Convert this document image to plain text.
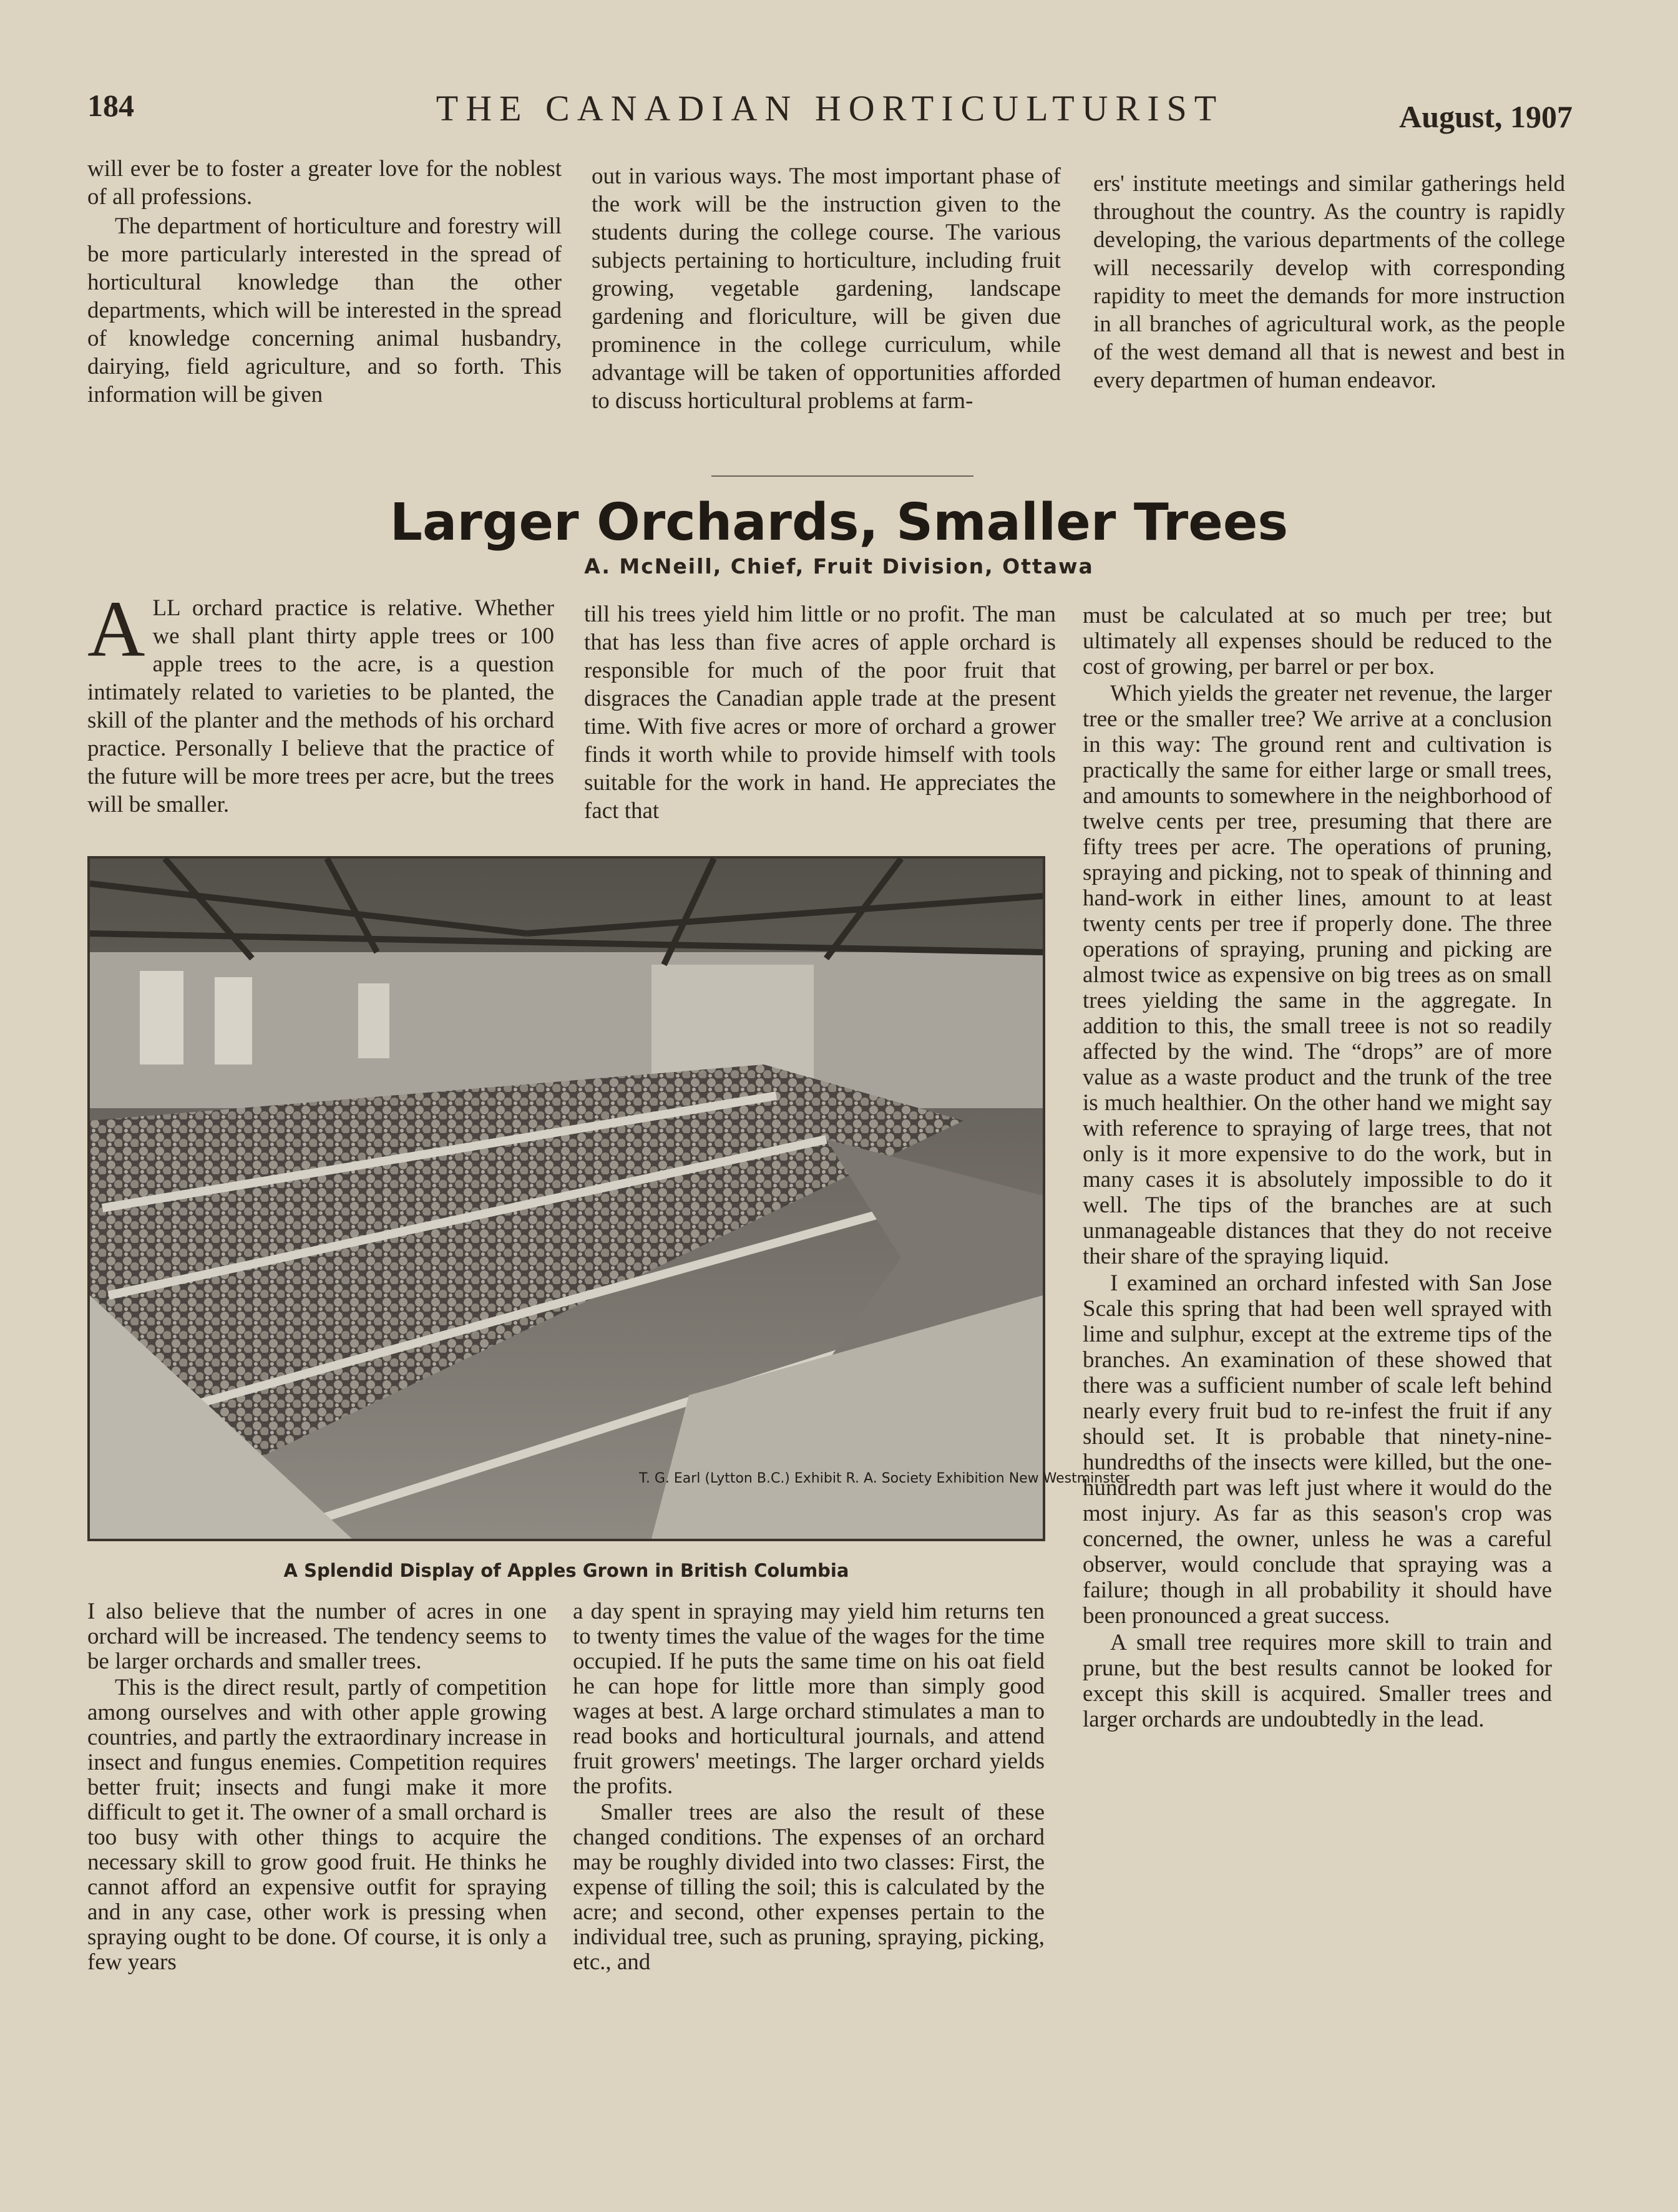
184	THE CANADIAN HORTICULTURIST	August, 1907

will ever be to foster a greater love for the noblest of all professions.

The department of horticulture and forestry will be more particularly interested in the spread of horticultural knowledge than the other departments, which will be interested in the spread of knowledge concerning animal husbandry, dairying, field agriculture, and so forth. This information will be given

out in various ways. The most important phase of the work will be the instruction given to the students during the college course. The various subjects pertaining to horticulture, including fruit growing, vegetable gardening, landscape gardening and floriculture, will be given due prominence in the college curriculum, while advantage will be taken of opportunities afforded to discuss horticultural problems at farm-

ers' institute meetings and similar gatherings held throughout the country. As the country is rapidly developing, the various departments of the college will necessarily develop with corresponding rapidity to meet the demands for more instruction in all branches of agricultural work, as the people of the west demand all that is newest and best in every departmen of human endeavor.

Larger Orchards, Smaller Trees
A. McNeill, Chief, Fruit Division, Ottawa

ALL orchard practice is relative. Whether we shall plant thirty apple trees or 100 apple trees to the acre, is a question intimately related to varieties to be planted, the skill of the planter and the methods of his orchard practice. Personally I believe that the practice of the future will be more trees per acre, but the trees will be smaller.

till his trees yield him little or no profit. The man that has less than five acres of apple orchard is responsible for much of the poor fruit that disgraces the Canadian apple trade at the present time. With five acres or more of orchard a grower finds it worth while to provide himself with tools suitable for the work in hand. He appreciates the fact that

must be calculated at so much per tree; but ultimately all expenses should be reduced to the cost of growing, per barrel or per box.

Which yields the greater net revenue, the larger tree or the smaller tree? We arrive at a conclusion in this way: The ground rent and cultivation is practically the same for either large or small trees, and amounts to somewhere in the neighborhood of twelve cents per tree, presuming that there are fifty trees per acre. The operations of pruning, spraying and picking, not to speak of thinning and hand-work in either lines, amount to at least twenty cents per tree if properly done. The three operations of spraying, pruning and picking are almost twice as expensive on big trees as on small trees yielding the same in the aggregate. In addition to this, the small treee is not so readily affected by the wind. The “drops” are of more value as a waste product and the trunk of the tree is much healthier. On the other hand we might say with reference to spraying of large trees, that not only is it more expensive to do the work, but in many cases it is absolutely impossible to do it well. The tips of the branches are at such unmanageable distances that they do not receive their share of the spraying liquid.

I examined an orchard infested with San Jose Scale this spring that had been well sprayed with lime and sulphur, except at the extreme tips of the branches. An examination of these showed that there was a sufficient number of scale left behind nearly every fruit bud to re-infest the fruit if any should set. It is probable that ninety-nine-hundredths of the insects were killed, but the one-hundredth part was left just where it would do the most injury. As far as this season's crop was concerned, the owner, unless he was a careful observer, would conclude that spraying was a failure; though in all probability it should have been pronounced a great success.

A small tree requires more skill to train and prune, but the best results cannot be looked for except this skill is acquired. Smaller trees and larger orchards are undoubtedly in the lead.

T. G. Earl (Lytton B.C.) Exhibit R. A. Society Exhibition New Westminster
A Splendid Display of Apples Grown in British Columbia

I also believe that the number of acres in one orchard will be increased. The tendency seems to be larger orchards and smaller trees.

This is the direct result, partly of competition among ourselves and with other apple growing countries, and partly the extraordinary increase in insect and fungus enemies. Competition requires better fruit; insects and fungi make it more difficult to get it. The owner of a small orchard is too busy with other things to acquire the necessary skill to grow good fruit. He thinks he cannot afford an expensive outfit for spraying and in any case, other work is pressing when spraying ought to be done. Of course, it is only a few years

a day spent in spraying may yield him returns ten to twenty times the value of the wages for the time occupied. If he puts the same time on his oat field he can hope for little more than simply good wages at best. A large orchard stimulates a man to read books and horticultural journals, and attend fruit growers' meetings. The larger orchard yields the profits.

Smaller trees are also the result of these changed conditions. The expenses of an orchard may be roughly divided into two classes: First, the expense of tilling the soil; this is calculated by the acre; and second, other expenses pertain to the individual tree, such as pruning, spraying, picking, etc., and
